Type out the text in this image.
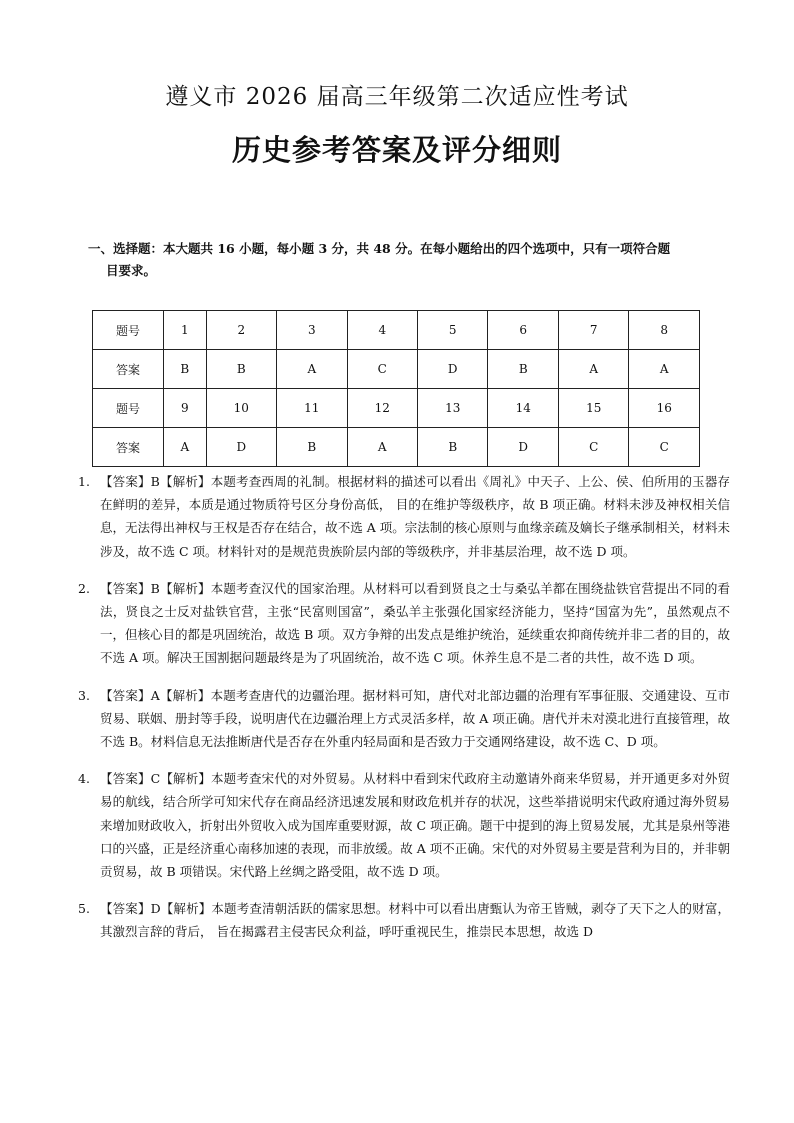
遵义市 2026 届高三年级第二次适应性考试
历史参考答案及评分细则
一、选择题：本大题共 16 小题，每小题 3 分，共 48 分。在每小题给出的四个选项中，只有一项符合题
目要求。
题号	1	2	3	4	5	6	7	8
答案	B	B	A	C	D	B	A	A
题号	9	10	11	12	13	14	15	16
答案	A	D	B	A	B	D	C	C
1. 【答案】B【解析】本题考查西周的礼制。根据材料的描述可以看出《周礼》中天子、上公、侯、伯所用的玉器存在鲜明的差异，本质是通过物质符号区分身份高低， 目的在维护等级秩序，故 B 项正确。材料未涉及神权相关信息，无法得出神权与王权是否存在结合，故不选 A 项。宗法制的核心原则与血缘亲疏及嫡长子继承制相关，材料未涉及，故不选 C 项。材料针对的是规范贵族阶层内部的等级秩序，并非基层治理，故不选 D 项。
2. 【答案】B【解析】本题考查汉代的国家治理。从材料可以看到贤良之士与桑弘羊都在围绕盐铁官营提出不同的看法，贤良之士反对盐铁官营，主张“民富则国富”，桑弘羊主张强化国家经济能力，坚持“国富为先”，虽然观点不一，但核心目的都是巩固统治，故选 B 项。双方争辩的出发点是维护统治，延续重农抑商传统并非二者的目的，故不选 A 项。解决王国割据问题最终是为了巩固统治，故不选 C 项。休养生息不是二者的共性，故不选 D 项。
3. 【答案】A【解析】本题考查唐代的边疆治理。据材料可知，唐代对北部边疆的治理有军事征服、交通建设、互市贸易、联姻、册封等手段，说明唐代在边疆治理上方式灵活多样，故 A 项正确。唐代并未对漠北进行直接管理，故不选 B。材料信息无法推断唐代是否存在外重内轻局面和是否致力于交通网络建设，故不选 C、D 项。
4. 【答案】C【解析】本题考查宋代的对外贸易。从材料中看到宋代政府主动邀请外商来华贸易，并开通更多对外贸易的航线，结合所学可知宋代存在商品经济迅速发展和财政危机并存的状况，这些举措说明宋代政府通过海外贸易来增加财政收入，折射出外贸收入成为国库重要财源，故 C 项正确。题干中提到的海上贸易发展，尤其是泉州等港口的兴盛，正是经济重心南移加速的表现，而非放缓。故 A 项不正确。宋代的对外贸易主要是营利为目的，并非朝贡贸易，故 B 项错误。宋代路上丝绸之路受阻，故不选 D 项。
5. 【答案】D【解析】本题考查清朝活跃的儒家思想。材料中可以看出唐甄认为帝王皆贼，剥夺了天下之人的财富，其激烈言辞的背后， 旨在揭露君主侵害民众利益，呼吁重视民生，推崇民本思想，故选 D
